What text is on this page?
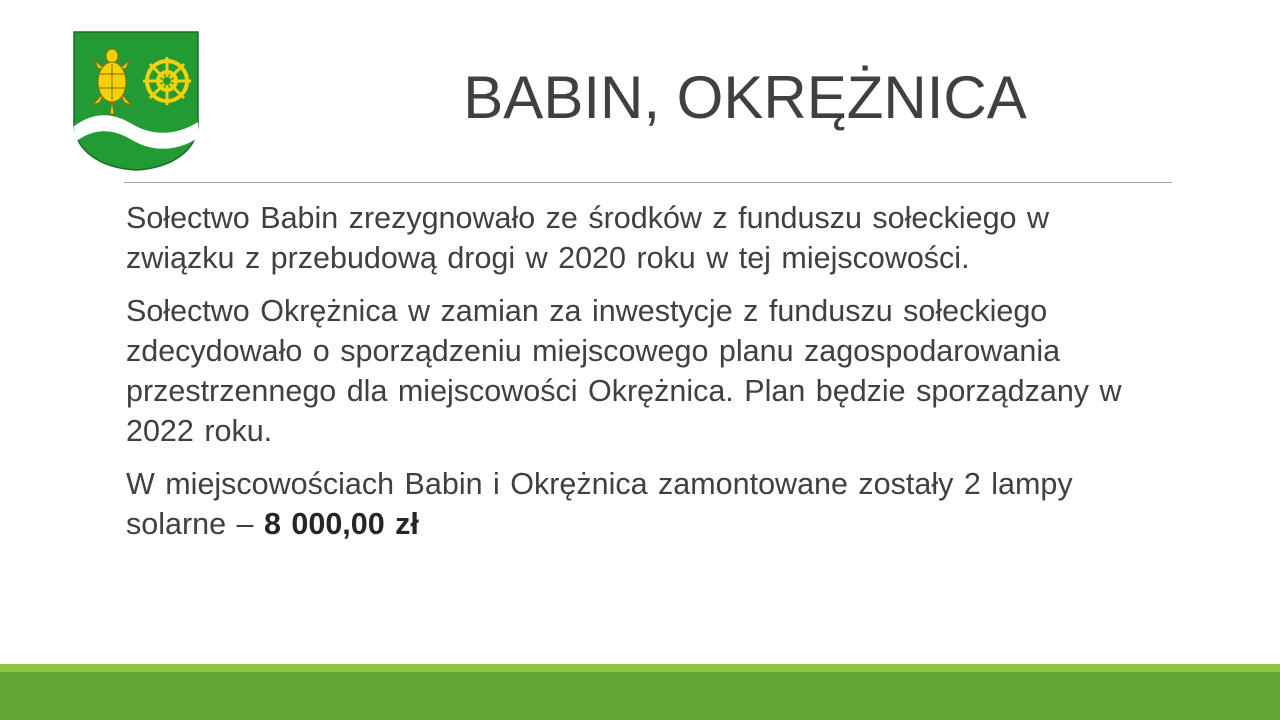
BABIN, OKRĘŻNICA

Sołectwo Babin zrezygnowało ze środków z funduszu sołeckiego w związku z przebudową drogi w 2020 roku w tej miejscowości.

Sołectwo Okrężnica w zamian za inwestycje z funduszu sołeckiego zdecydowało o sporządzeniu miejscowego planu zagospodarowania przestrzennego dla miejscowości Okrężnica. Plan będzie sporządzany w 2022 roku.

W miejscowościach Babin i Okrężnica zamontowane zostały 2 lampy solarne – 8 000,00 zł
